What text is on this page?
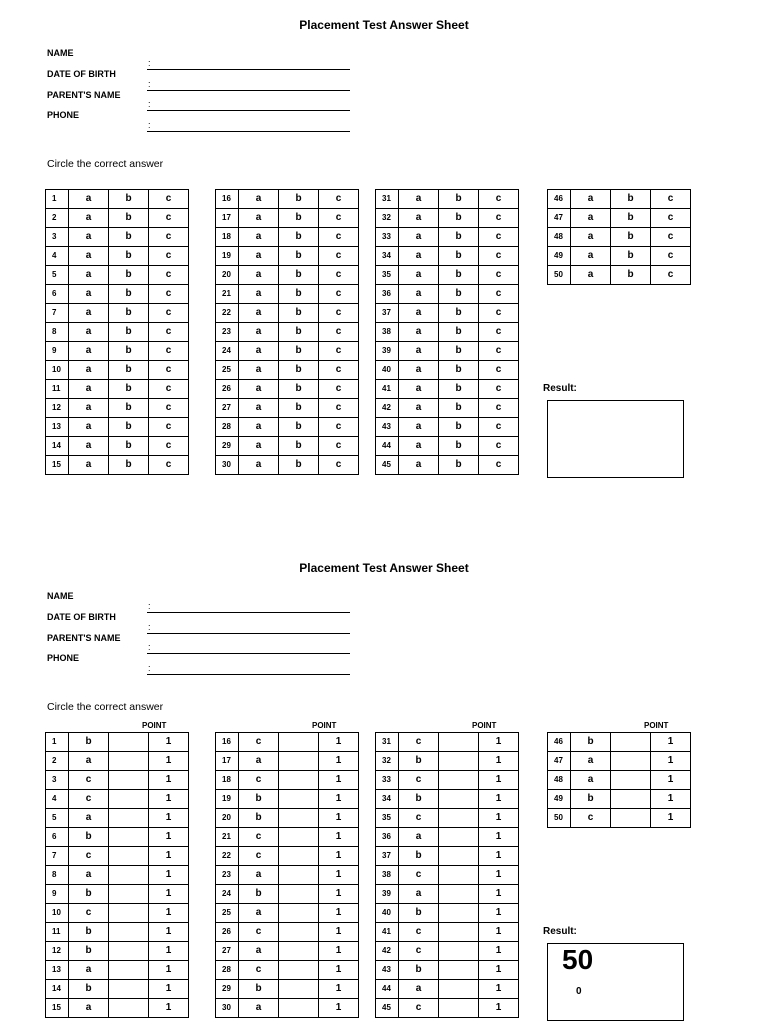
Placement Test Answer Sheet
NAME
:
DATE OF BIRTH
:
PARENT'S NAME
:
PHONE
:
Circle the correct answer
1	a	b	c
2	a	b	c
3	a	b	c
4	a	b	c
5	a	b	c
6	a	b	c
7	a	b	c
8	a	b	c
9	a	b	c
10	a	b	c
11	a	b	c
12	a	b	c
13	a	b	c
14	a	b	c
15	a	b	c
16	a	b	c
17	a	b	c
18	a	b	c
19	a	b	c
20	a	b	c
21	a	b	c
22	a	b	c
23	a	b	c
24	a	b	c
25	a	b	c
26	a	b	c
27	a	b	c
28	a	b	c
29	a	b	c
30	a	b	c
31	a	b	c
32	a	b	c
33	a	b	c
34	a	b	c
35	a	b	c
36	a	b	c
37	a	b	c
38	a	b	c
39	a	b	c
40	a	b	c
41	a	b	c
42	a	b	c
43	a	b	c
44	a	b	c
45	a	b	c
46	a	b	c
47	a	b	c
48	a	b	c
49	a	b	c
50	a	b	c
Result:
Placement Test Answer Sheet
NAME
:
DATE OF BIRTH
:
PARENT'S NAME
:
PHONE
:
Circle the correct answer
1	b		1
2	a		1
3	c		1
4	c		1
5	a		1
6	b		1
7	c		1
8	a		1
9	b		1
10	c		1
11	b		1
12	b		1
13	a		1
14	b		1
15	a		1
POINT
16	c		1
17	a		1
18	c		1
19	b		1
20	b		1
21	c		1
22	c		1
23	a		1
24	b		1
25	a		1
26	c		1
27	a		1
28	c		1
29	b		1
30	a		1
POINT
31	c		1
32	b		1
33	c		1
34	b		1
35	c		1
36	a		1
37	b		1
38	c		1
39	a		1
40	b		1
41	c		1
42	c		1
43	b		1
44	a		1
45	c		1
POINT
46	b		1
47	a		1
48	a		1
49	b		1
50	c		1
POINT
Result:
50
0
